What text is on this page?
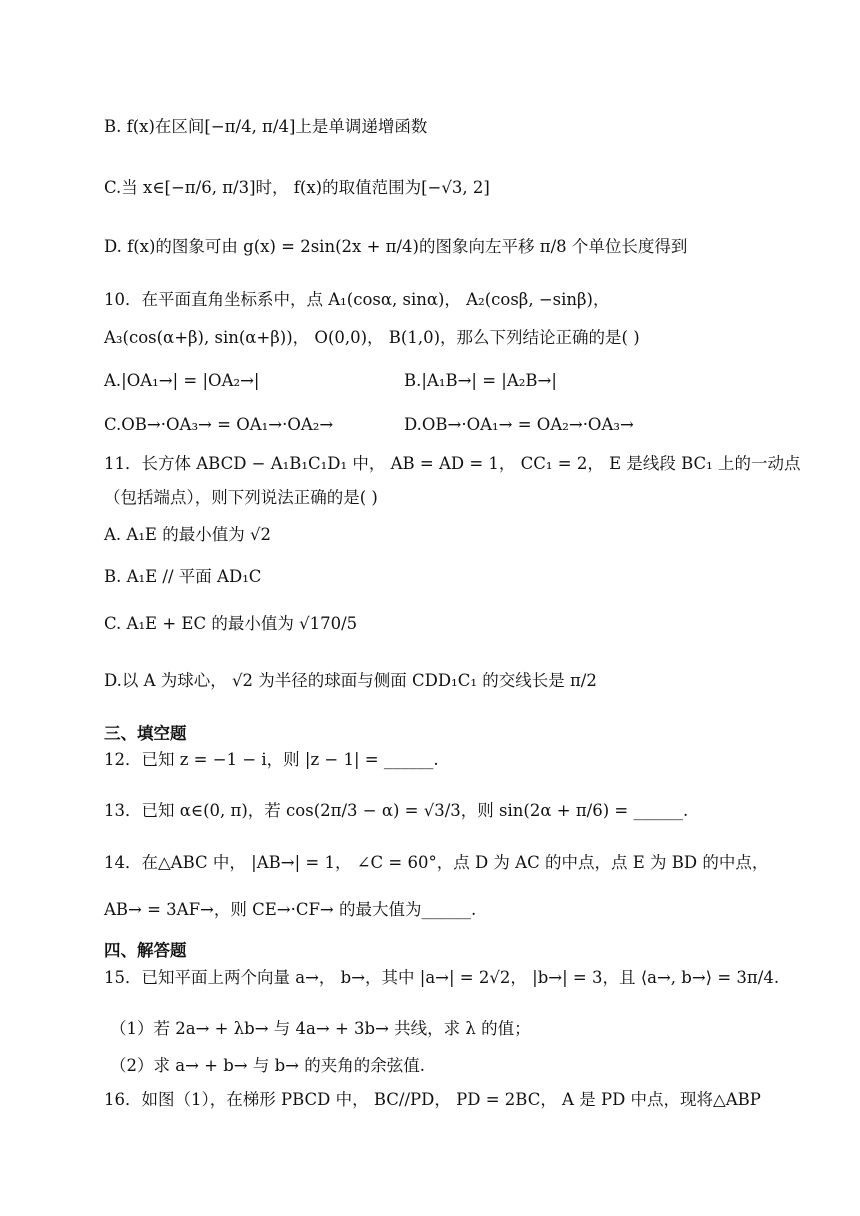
B. f(x)在区间[−π/4, π/4]上是单调递增函数
C.当 x∈[−π/6, π/3]时， f(x)的取值范围为[−√3, 2]
D. f(x)的图象可由 g(x) = 2sin(2x + π/4)的图象向左平移 π/8 个单位长度得到
10．在平面直角坐标系中，点 A₁(cosα, sinα)， A₂(cosβ, −sinβ)，
A₃(cos(α+β), sin(α+β))， O(0,0)， B(1,0)，那么下列结论正确的是( )
A.|OA₁→| = |OA₂→|	B.|A₁B→| = |A₂B→|
C.OB→·OA₃→ = OA₁→·OA₂→	D.OB→·OA₁→ = OA₂→·OA₃→
11．长方体 ABCD − A₁B₁C₁D₁ 中， AB = AD = 1， CC₁ = 2， E 是线段 BC₁ 上的一动点
（包括端点），则下列说法正确的是( )
A. A₁E 的最小值为 √2
B. A₁E // 平面 AD₁C
C. A₁E + EC 的最小值为 √170/5
D.以 A 为球心， √2 为半径的球面与侧面 CDD₁C₁ 的交线长是 π/2
三、填空题
12．已知 z = −1 − i，则 |z − 1| = ______.
13．已知 α∈(0, π)，若 cos(2π/3 − α) = √3/3，则 sin(2α + π/6) = ______.
14．在△ABC 中， |AB→| = 1， ∠C = 60°，点 D 为 AC 的中点，点 E 为 BD 的中点，
AB→ = 3AF→，则 CE→·CF→ 的最大值为______.
四、解答题
15．已知平面上两个向量 a→， b→，其中 |a→| = 2√2， |b→| = 3，且 ⟨a→, b→⟩ = 3π/4.
（1）若 2a→ + λb→ 与 4a→ + 3b→ 共线，求 λ 的值；
（2）求 a→ + b→ 与 b→ 的夹角的余弦值.
16．如图（1），在梯形 PBCD 中， BC//PD， PD = 2BC， A 是 PD 中点，现将△ABP
